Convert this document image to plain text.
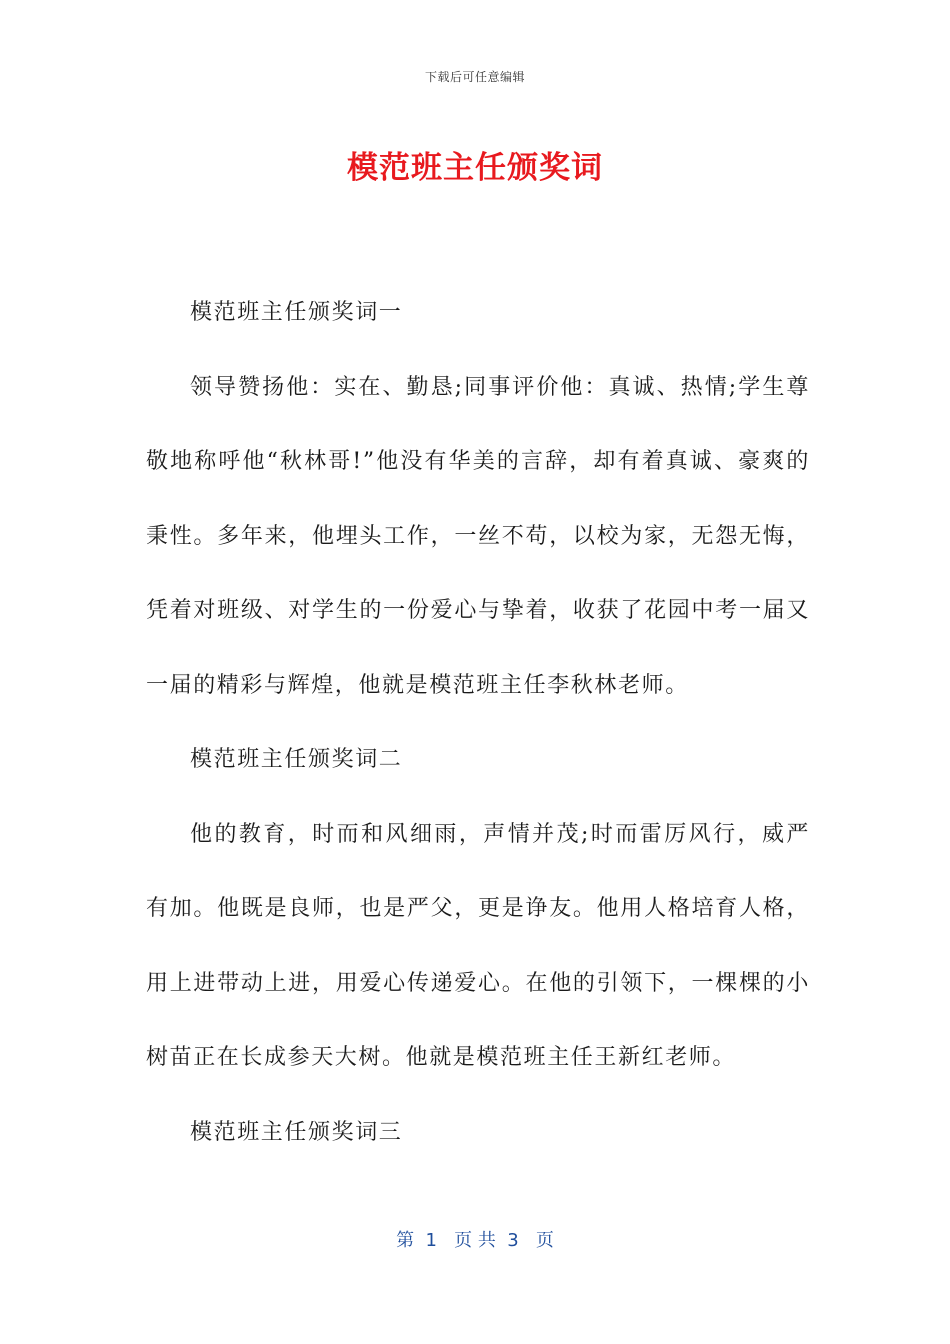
下载后可任意编辑
模范班主任颁奖词

模范班主任颁奖词一

领导赞扬他：实在、勤恳;同事评价他：真诚、热情;学生尊敬地称呼他“秋林哥!”他没有华美的言辞，却有着真诚、豪爽的秉性。多年来，他埋头工作，一丝不苟，以校为家，无怨无悔，凭着对班级、对学生的一份爱心与挚着，收获了花园中考一届又一届的精彩与辉煌，他就是模范班主任李秋林老师。

模范班主任颁奖词二

他的教育，时而和风细雨，声情并茂;时而雷厉风行，威严有加。他既是良师，也是严父，更是诤友。他用人格培育人格，用上进带动上进，用爱心传递爱心。在他的引领下，一棵棵的小树苗正在长成参天大树。他就是模范班主任王新红老师。

模范班主任颁奖词三

第  1   页 共  3   页
